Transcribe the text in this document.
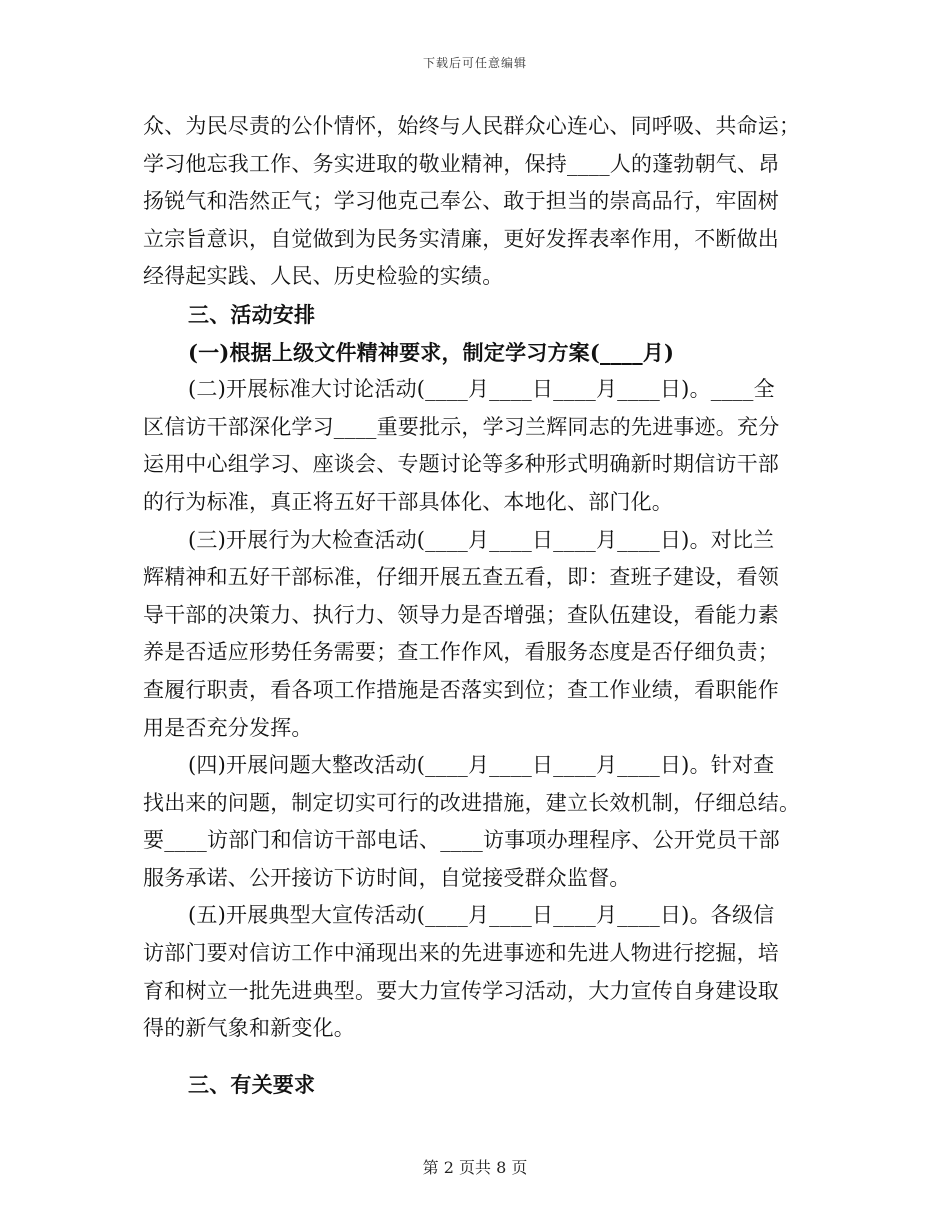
下载后可任意编辑
众、为民尽责的公仆情怀，始终与人民群众心连心、同呼吸、共命运；
学习他忘我工作、务实进取的敬业精神，保持____人的蓬勃朝气、昂
扬锐气和浩然正气；学习他克己奉公、敢于担当的崇高品行，牢固树
立宗旨意识，自觉做到为民务实清廉，更好发挥表率作用，不断做出
经得起实践、人民、历史检验的实绩。
三、活动安排
(一)根据上级文件精神要求，制定学习方案(____月)
(二)开展标准大讨论活动(____月____日____月____日)。____全
区信访干部深化学习____重要批示，学习兰辉同志的先进事迹。充分
运用中心组学习、座谈会、专题讨论等多种形式明确新时期信访干部
的行为标准，真正将五好干部具体化、本地化、部门化。
(三)开展行为大检查活动(____月____日____月____日)。对比兰
辉精神和五好干部标准，仔细开展五查五看，即：查班子建设，看领
导干部的决策力、执行力、领导力是否增强；查队伍建设，看能力素
养是否适应形势任务需要；查工作作风，看服务态度是否仔细负责；
查履行职责，看各项工作措施是否落实到位；查工作业绩，看职能作
用是否充分发挥。
(四)开展问题大整改活动(____月____日____月____日)。针对查
找出来的问题，制定切实可行的改进措施，建立长效机制，仔细总结。
要____访部门和信访干部电话、____访事项办理程序、公开党员干部
服务承诺、公开接访下访时间，自觉接受群众监督。
(五)开展典型大宣传活动(____月____日____月____日)。各级信
访部门要对信访工作中涌现出来的先进事迹和先进人物进行挖掘，培
育和树立一批先进典型。要大力宣传学习活动，大力宣传自身建设取
得的新气象和新变化。
三、有关要求
第 2 页共 8 页
